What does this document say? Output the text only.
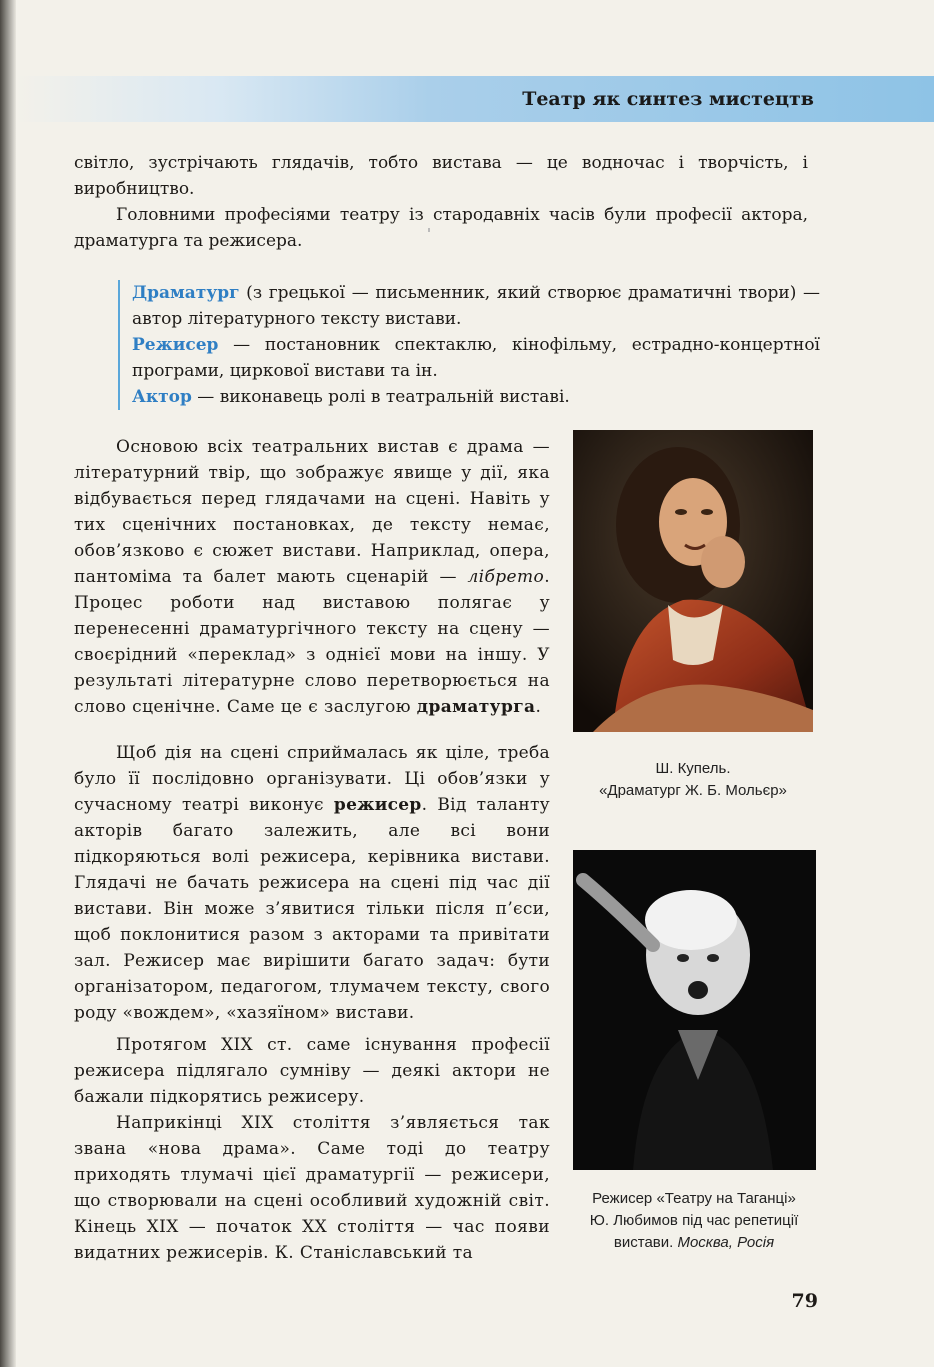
Театр як синтез мистецтв

світло, зустрічають глядачів, тобто вистава — це водночас і творчість, і виробництво.

Головними професіями театру із стародавніх часів були професії актора, драматурга та режисера.

Драматург (з грецької — письменник, який створює драматичні твори) — автор літературного тексту вистави.

Режисер — постановник спектаклю, кінофільму, естрадно-концертної програми, циркової вистави та ін.

Актор — виконавець ролі в театральній виставі.

Основою всіх театральних вистав є драма — літературний твір, що зображує явище у дії, яка відбувається перед глядачами на сцені. Навіть у тих сценічних постановках, де тексту немає, обов’язково є сюжет вистави. Наприклад, опера, пантоміма та балет мають сценарій — лібрето. Процес роботи над виставою полягає у перенесенні драматургічного тексту на сцену — своєрідний «переклад» з однієї мови на іншу. У результаті літературне слово перетворюється на слово сценічне. Саме це є заслугою драматурга.

Щоб дія на сцені сприймалась як ціле, треба було її послідовно організувати. Ці обов’язки у сучасному театрі виконує режисер. Від таланту акторів багато залежить, але всі вони підкоряються волі режисера, керівника вистави. Глядачі не бачать режисера на сцені під час дії вистави. Він може з’явитися тільки після п’єси, щоб поклонитися разом з акторами та привітати зал. Режисер має вирішити багато задач: бути організатором, педагогом, тлумачем тексту, свого роду «вождем», «хазяїном» вистави.

Протягом XIX ст. саме існування професії режисера підлягало сумніву — деякі актори не бажали підкорятись режисеру.

Наприкінці XIX століття з’являється так звана «нова драма». Саме тоді до театру приходять тлумачі цієї драматургії — режисери, що створювали на сцені особливий художній світ. Кінець XIX — початок XX століття — час появи видатних режисерів. К. Станіславський та

Ш. Купель.
«Драматург Ж. Б. Мольєр»
Режисер «Театру на Таганці»
Ю. Любимов під час репетиції
вистави. Москва, Росія
79
